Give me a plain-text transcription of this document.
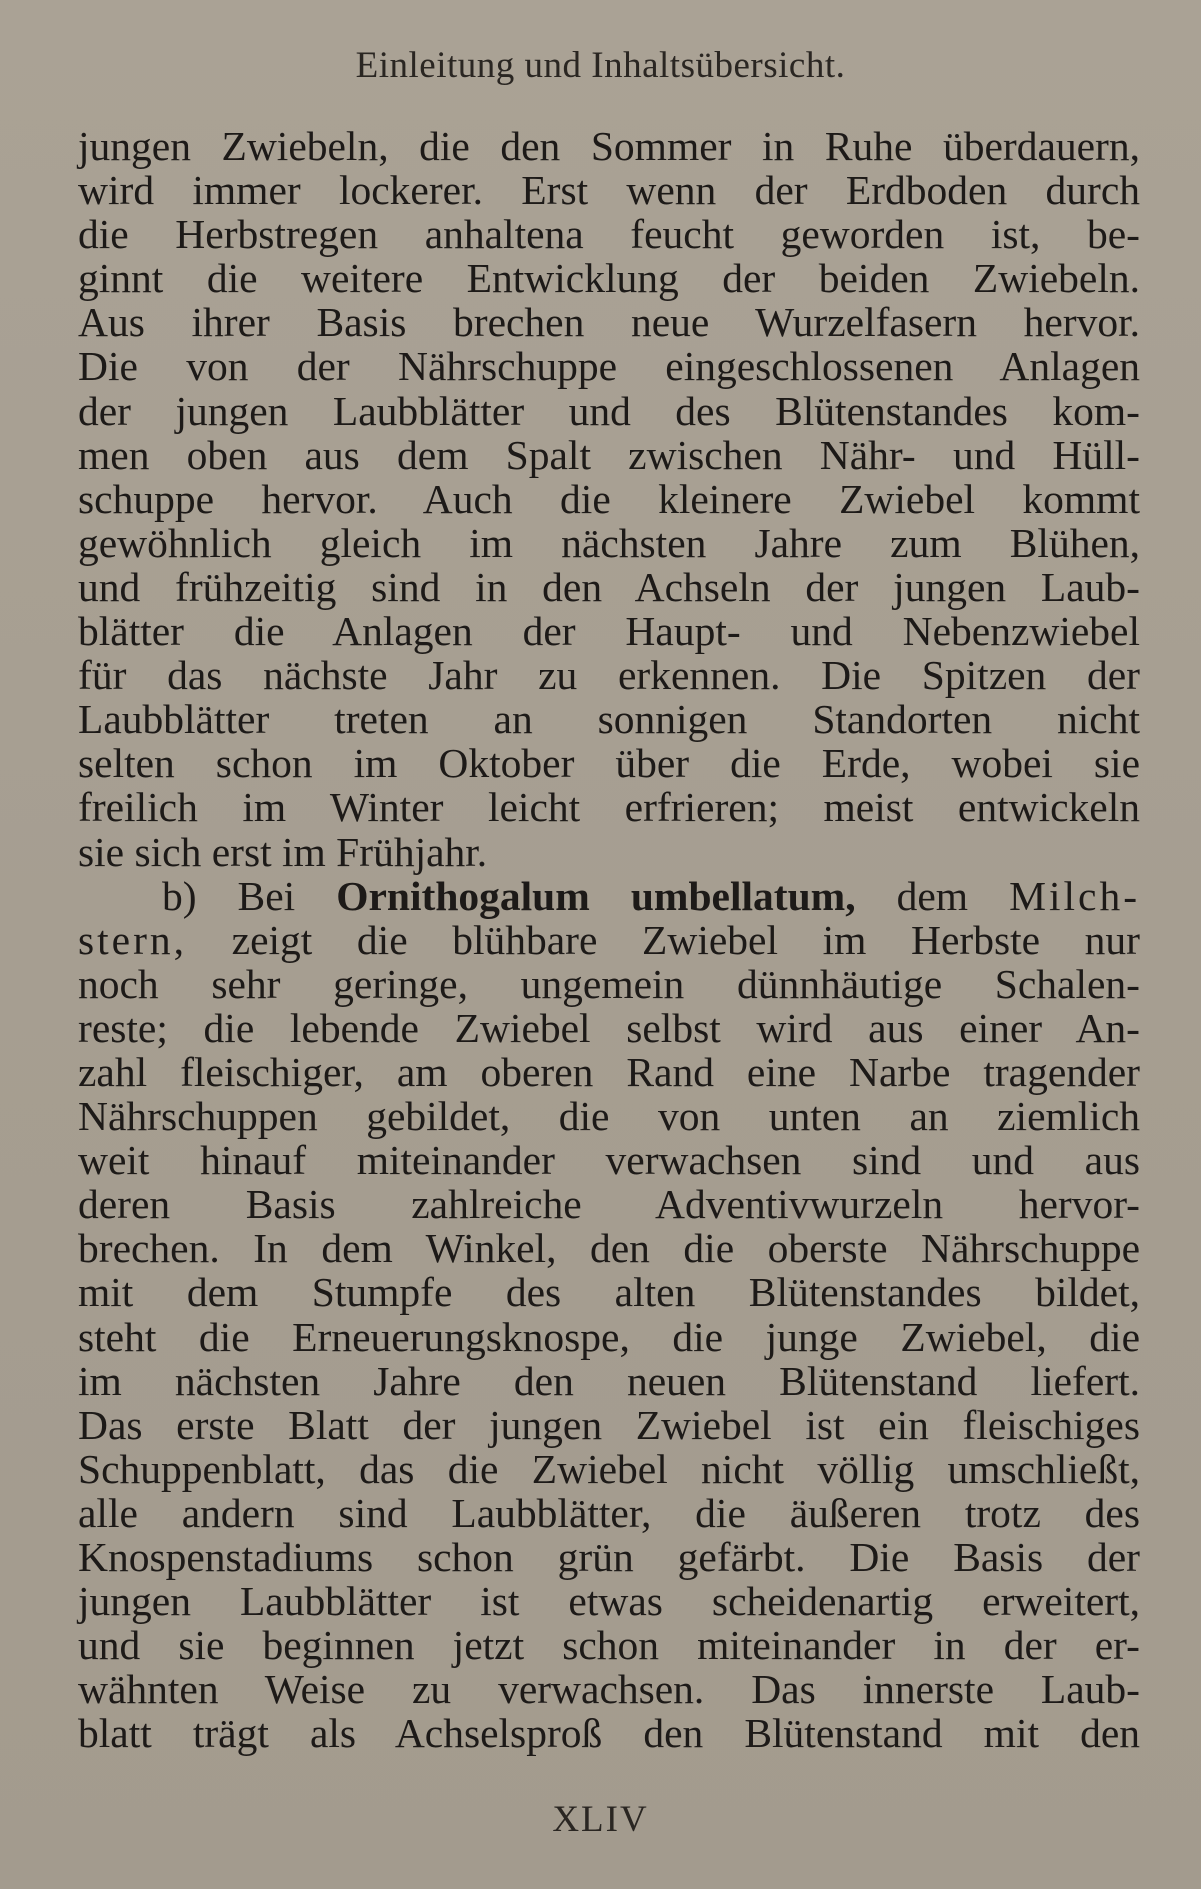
Einleitung und Inhaltsübersicht.
jungen Zwiebeln, die den Sommer in Ruhe überdauern,
wird immer lockerer. Erst wenn der Erdboden durch
die Herbstregen anhaltena feucht geworden ist, be-
ginnt die weitere Entwicklung der beiden Zwiebeln.
Aus ihrer Basis brechen neue Wurzelfasern hervor.
Die von der Nährschuppe eingeschlossenen Anlagen
der jungen Laubblätter und des Blütenstandes kom-
men oben aus dem Spalt zwischen Nähr- und Hüll-
schuppe hervor. Auch die kleinere Zwiebel kommt
gewöhnlich gleich im nächsten Jahre zum Blühen,
und frühzeitig sind in den Achseln der jungen Laub-
blätter die Anlagen der Haupt- und Nebenzwiebel
für das nächste Jahr zu erkennen. Die Spitzen der
Laubblätter treten an sonnigen Standorten nicht
selten schon im Oktober über die Erde, wobei sie
freilich im Winter leicht erfrieren; meist entwickeln
sie sich erst im Frühjahr.
b) Bei Ornithogalum umbellatum, dem Milch-
stern, zeigt die blühbare Zwiebel im Herbste nur
noch sehr geringe, ungemein dünnhäutige Schalen-
reste; die lebende Zwiebel selbst wird aus einer An-
zahl fleischiger, am oberen Rand eine Narbe tragender
Nährschuppen gebildet, die von unten an ziemlich
weit hinauf miteinander verwachsen sind und aus
deren Basis zahlreiche Adventivwurzeln hervor-
brechen. In dem Winkel, den die oberste Nährschuppe
mit dem Stumpfe des alten Blütenstandes bildet,
steht die Erneuerungsknospe, die junge Zwiebel, die
im nächsten Jahre den neuen Blütenstand liefert.
Das erste Blatt der jungen Zwiebel ist ein fleischiges
Schuppenblatt, das die Zwiebel nicht völlig umschließt,
alle andern sind Laubblätter, die äußeren trotz des
Knospenstadiums schon grün gefärbt. Die Basis der
jungen Laubblätter ist etwas scheidenartig erweitert,
und sie beginnen jetzt schon miteinander in der er-
wähnten Weise zu verwachsen. Das innerste Laub-
blatt trägt als Achselsproß den Blütenstand mit den
XLIV
